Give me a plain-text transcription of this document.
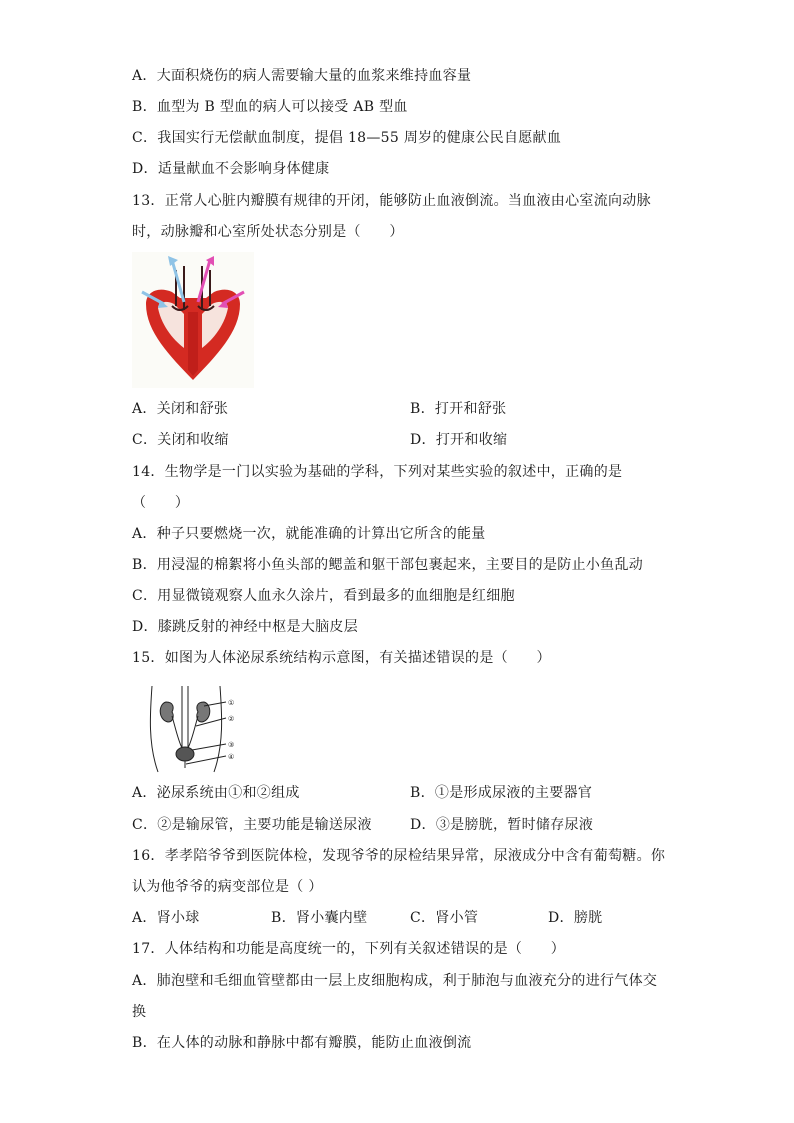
A．大面积烧伤的病人需要输大量的血浆来维持血容量
B．血型为 B 型血的病人可以接受 AB 型血
C．我国实行无偿献血制度，提倡 18—55 周岁的健康公民自愿献血
D．适量献血不会影响身体健康
13．正常人心脏内瓣膜有规律的开闭，能够防止血液倒流。当血液由心室流向动脉
时，动脉瓣和心室所处状态分别是（　　）
A．关闭和舒张	B．打开和舒张
C．关闭和收缩	D．打开和收缩
14．生物学是一门以实验为基础的学科，下列对某些实验的叙述中，正确的是
（　　）
A．种子只要燃烧一次，就能准确的计算出它所含的能量
B．用浸湿的棉絮将小鱼头部的鳃盖和躯干部包裹起来，主要目的是防止小鱼乱动
C．用显微镜观察人血永久涂片，看到最多的血细胞是红细胞
D．膝跳反射的神经中枢是大脑皮层
15．如图为人体泌尿系统结构示意图，有关描述错误的是（　　）
①
②
③
④
A．泌尿系统由①和②组成	B．①是形成尿液的主要器官
C．②是输尿管，主要功能是输送尿液	D．③是膀胱，暂时储存尿液
16．孝孝陪爷爷到医院体检，发现爷爷的尿检结果异常，尿液成分中含有葡萄糖。你
认为他爷爷的病变部位是（ ）
A．肾小球	B．肾小囊内壁	C．肾小管	D．膀胱
17．人体结构和功能是高度统一的，下列有关叙述错误的是（　　）
A．肺泡壁和毛细血管壁都由一层上皮细胞构成，利于肺泡与血液充分的进行气体交
换
B．在人体的动脉和静脉中都有瓣膜，能防止血液倒流
